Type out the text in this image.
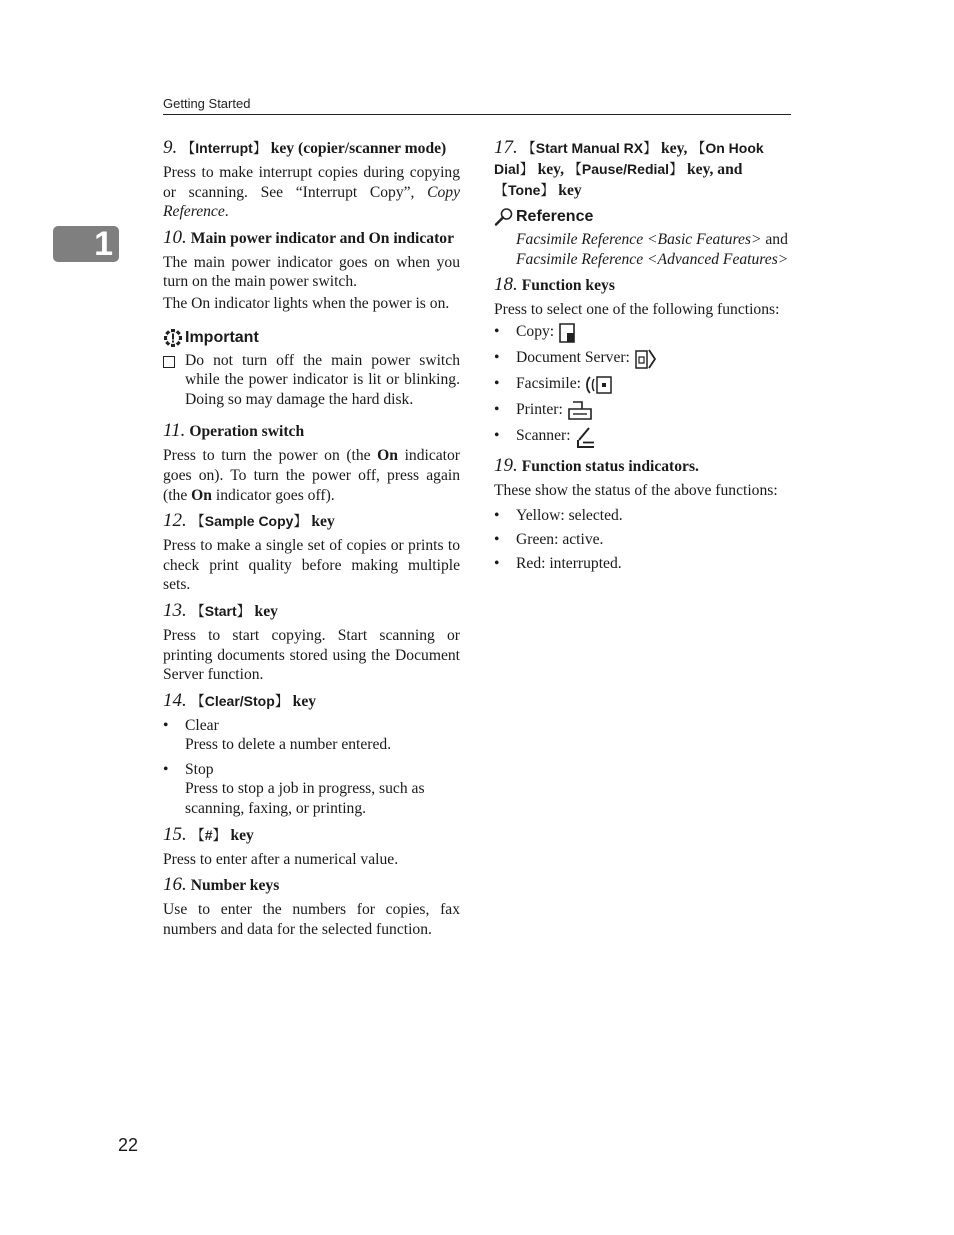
Getting Started
1
9. 【Interrupt】 key (copier/scanner mode)

Press to make interrupt copies during copying or scanning. See “Interrupt Copy”, Copy Reference.

10. Main power indicator and On indicator

The main power indicator goes on when you turn on the main power switch.

The On indicator lights when the power is on.

Important

Do not turn off the main power switch while the power indicator is lit or blinking. Doing so may damage the hard disk.

11. Operation switch

Press to turn the power on (the On indicator goes on). To turn the power off, press again (the On indicator goes off).

12. 【Sample Copy】 key

Press to make a single set of copies or prints to check print quality before making multiple sets.

13. 【Start】 key

Press to start copying. Start scanning or printing documents stored using the Document Server function.

14. 【Clear/Stop】 key
•	Clear
Press to delete a number entered.
•	Stop
Press to stop a job in progress, such as scanning, faxing, or printing.
15. 【#】 key

Press to enter after a numerical value.

16. Number keys

Use to enter the numbers for copies, fax numbers and data for the selected function.

17. 【Start Manual RX】 key, 【On Hook Dial】 key, 【Pause/Redial】 key, and 【Tone】 key
Reference
Facsimile Reference <Basic Features> and Facsimile Reference <Advanced Features>
18. Function keys

Press to select one of the following functions:

•	Copy:
•	Document Server:
•	Facsimile:
•	Printer:
•	Scanner:
19. Function status indicators.

These show the status of the above functions:

•	Yellow: selected.
•	Green: active.
•	Red: interrupted.
22
